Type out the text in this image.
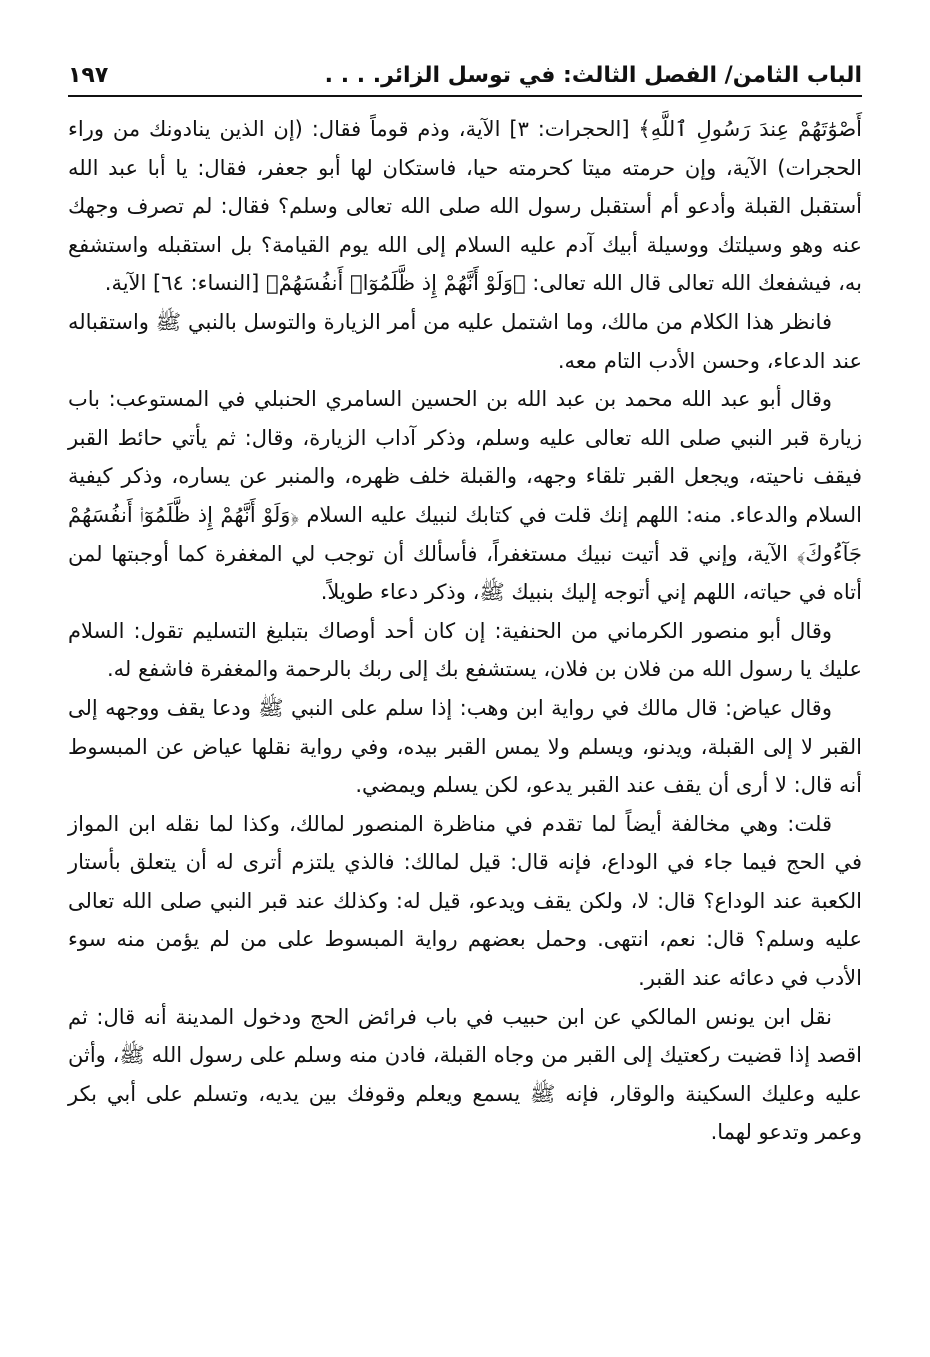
الباب الثامن/ الفصل الثالث: في توسل الزائر. . . .
١٩٧

أَصْوَٰتَهُمْ عِندَ رَسُولِ ٱللَّهِ﴾ [الحجرات: ٣] الآية، وذم قوماً فقال: (إن الذين ينادونك من وراء الحجرات) الآية، وإن حرمته ميتا كحرمته حيا، فاستكان لها أبو جعفر، فقال: يا أبا عبد الله أستقبل القبلة وأدعو أم أستقبل رسول الله صلى الله تعالى وسلم؟ فقال: لم تصرف وجهك عنه وهو وسيلتك ووسيلة أبيك آدم عليه السلام إلى الله يوم القيامة؟ بل استقبله واستشفع به، فيشفعك الله تعالى قال الله تعالى: ﴿وَلَوْ أَنَّهُمْ إِذ ظَّلَمُوٓا۟ أَنفُسَهُمْ﴾ [النساء: ٦٤] الآية.

فانظر هذا الكلام من مالك، وما اشتمل عليه من أمر الزيارة والتوسل بالنبي ﷺ واستقباله عند الدعاء، وحسن الأدب التام معه.

وقال أبو عبد الله محمد بن عبد الله بن الحسين السامري الحنبلي في المستوعب: باب زيارة قبر النبي صلى الله تعالى عليه وسلم، وذكر آداب الزيارة، وقال: ثم يأتي حائط القبر فيقف ناحيته، ويجعل القبر تلقاء وجهه، والقبلة خلف ظهره، والمنبر عن يساره، وذكر كيفية السلام والدعاء. منه: اللهم إنك قلت في كتابك لنبيك عليه السلام ﴿وَلَوْ أَنَّهُمْ إِذ ظَّلَمُوٓا۟ أَنفُسَهُمْ جَآءُوكَ﴾ الآية، وإني قد أتيت نبيك مستغفراً، فأسألك أن توجب لي المغفرة كما أوجبتها لمن أتاه في حياته، اللهم إني أتوجه إليك بنبيك ﷺ، وذكر دعاء طويلاً.

وقال أبو منصور الكرماني من الحنفية: إن كان أحد أوصاك بتبليغ التسليم تقول: السلام عليك يا رسول الله من فلان بن فلان، يستشفع بك إلى ربك بالرحمة والمغفرة فاشفع له.

وقال عياض: قال مالك في رواية ابن وهب: إذا سلم على النبي ﷺ ودعا يقف ووجهه إلى القبر لا إلى القبلة، ويدنو، ويسلم ولا يمس القبر بيده، وفي رواية نقلها عياض عن المبسوط أنه قال: لا أرى أن يقف عند القبر يدعو، لكن يسلم ويمضي.

قلت: وهي مخالفة أيضاً لما تقدم في مناظرة المنصور لمالك، وكذا لما نقله ابن المواز في الحج فيما جاء في الوداع، فإنه قال: قيل لمالك: فالذي يلتزم أترى له أن يتعلق بأستار الكعبة عند الوداع؟ قال: لا، ولكن يقف ويدعو، قيل له: وكذلك عند قبر النبي صلى الله تعالى عليه وسلم؟ قال: نعم، انتهى. وحمل بعضهم رواية المبسوط على من لم يؤمن منه سوء الأدب في دعائه عند القبر.

نقل ابن يونس المالكي عن ابن حبيب في باب فرائض الحج ودخول المدينة أنه قال: ثم اقصد إذا قضيت ركعتيك إلى القبر من وجاه القبلة، فادن منه وسلم على رسول الله ﷺ، وأثن عليه وعليك السكينة والوقار، فإنه ﷺ يسمع ويعلم وقوفك بين يديه، وتسلم على أبي بكر وعمر وتدعو لهما.
